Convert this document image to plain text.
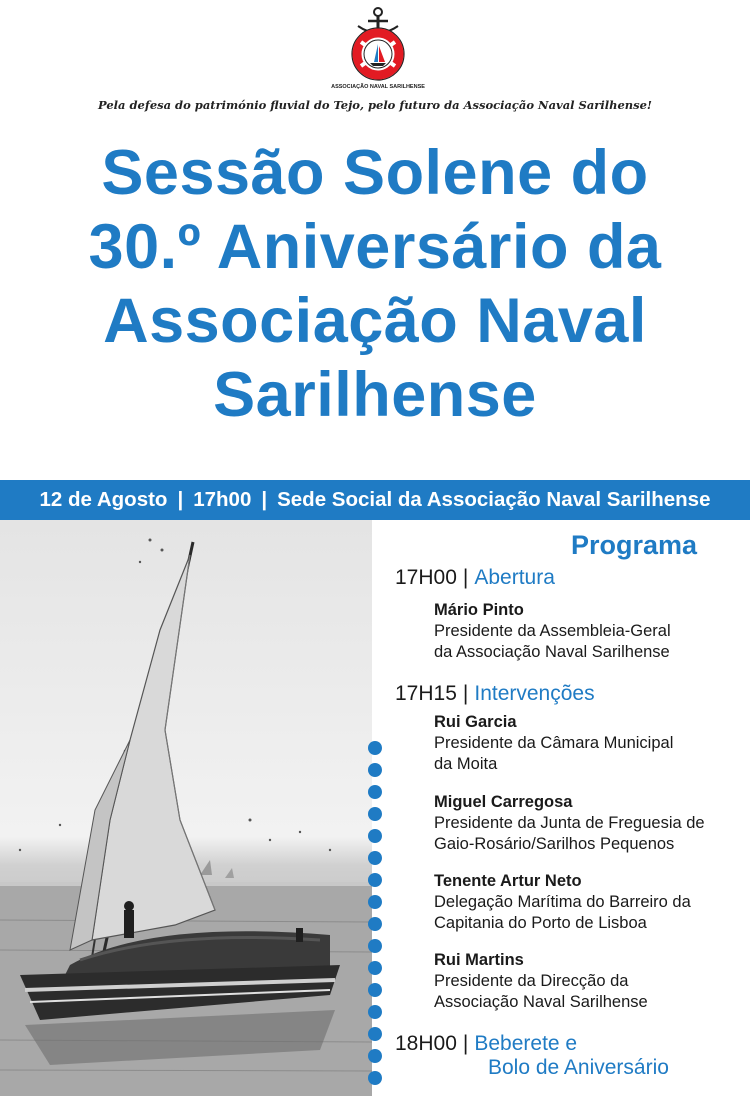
ASSOCIAÇÃO NAVAL SARILHENSE
Pela defesa do património fluvial do Tejo, pelo futuro da Associação Naval Sarilhense!
Sessão Solene do
30.º Aniversário da
Associação Naval
Sarilhense
12 de Agosto | 17h00 | Sede Social da Associação Naval Sarilhense
Programa
17H00 | Abertura
Mário Pinto
Presidente da Assembleia-Geral
da Associação Naval Sarilhense
17H15 | Intervenções
Rui Garcia
Presidente da Câmara Municipal
da Moita
Miguel Carregosa
Presidente da Junta de Freguesia de
Gaio-Rosário/Sarilhos Pequenos
Tenente Artur Neto
Delegação Marítima do Barreiro da
Capitania do Porto de Lisboa
Rui Martins
Presidente da Direcção da
Associação Naval Sarilhense
18H00 | Beberete e
Bolo de Aniversário
